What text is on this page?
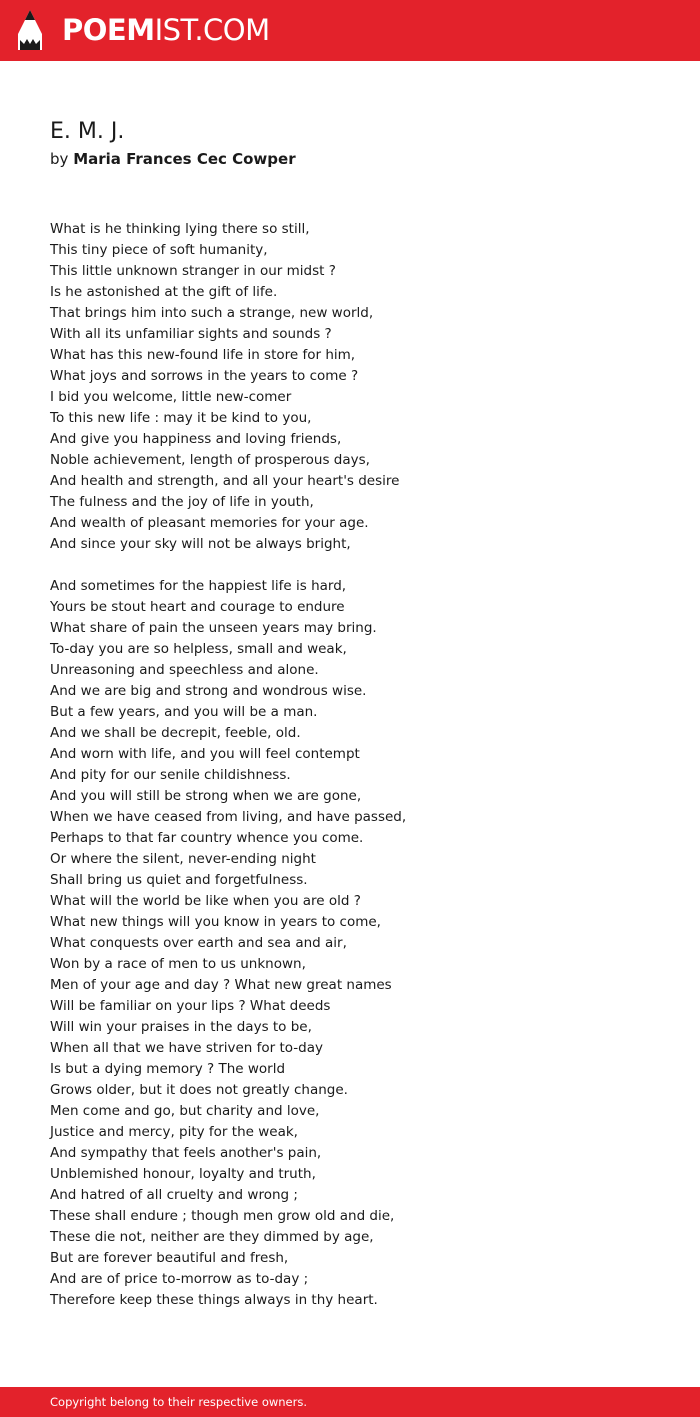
POEMIST.COM
E. M. J.
by Maria Frances Cec Cowper
What is he thinking lying there so still,
This tiny piece of soft humanity,
This little unknown stranger in our midst ?
Is he astonished at the gift of life.
That brings him into such a strange, new world,
With all its unfamiliar sights and sounds ?
What has this new-found life in store for him,
What joys and sorrows in the years to come ?
I bid you welcome, little new-comer
To this new life : may it be kind to you,
And give you happiness and loving friends,
Noble achievement, length of prosperous days,
And health and strength, and all your heart's desire
The fulness and the joy of life in youth,
And wealth of pleasant memories for your age.
And since your sky will not be always bright,
And sometimes for the happiest life is hard,
Yours be stout heart and courage to endure
What share of pain the unseen years may bring.
To-day you are so helpless, small and weak,
Unreasoning and speechless and alone.
And we are big and strong and wondrous wise.
But a few years, and you will be a man.
And we shall be decrepit, feeble, old.
And worn with life, and you will feel contempt
And pity for our senile childishness.
And you will still be strong when we are gone,
When we have ceased from living, and have passed,
Perhaps to that far country whence you come.
Or where the silent, never-ending night
Shall bring us quiet and forgetfulness.
What will the world be like when you are old ?
What new things will you know in years to come,
What conquests over earth and sea and air,
Won by a race of men to us unknown,
Men of your age and day ? What new great names
Will be familiar on your lips ? What deeds
Will win your praises in the days to be,
When all that we have striven for to-day
Is but a dying memory ? The world
Grows older, but it does not greatly change.
Men come and go, but charity and love,
Justice and mercy, pity for the weak,
And sympathy that feels another's pain,
Unblemished honour, loyalty and truth,
And hatred of all cruelty and wrong ;
These shall endure ; though men grow old and die,
These die not, neither are they dimmed by age,
But are forever beautiful and fresh,
And are of price to-morrow as to-day ;
Therefore keep these things always in thy heart.
Copyright belong to their respective owners.
